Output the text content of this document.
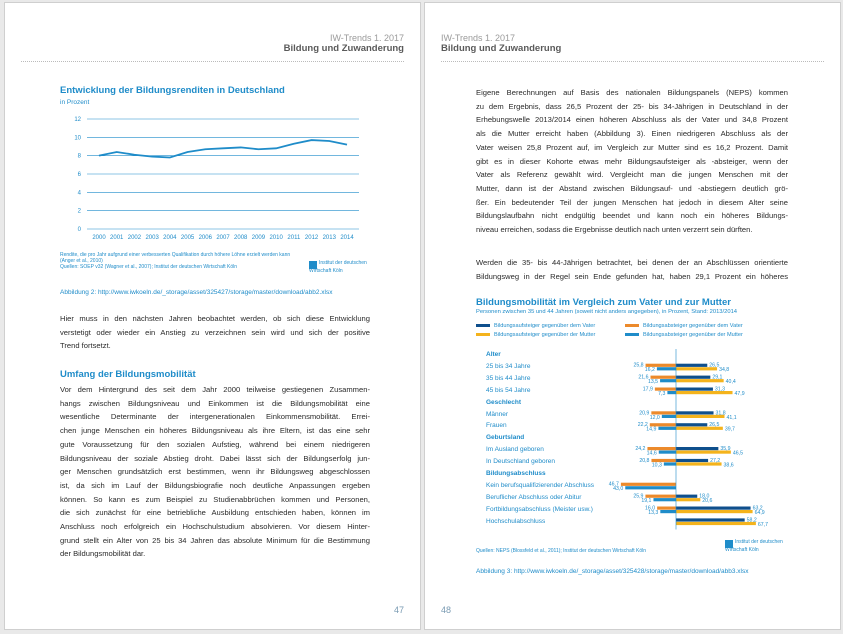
IW-Trends 1. 2017
Bildung und Zuwanderung
Entwicklung der Bildungsrenditen in Deutschland
in Prozent
0
2
4
6
8
10
12
2000 2001 2002 2003 2004 2005 2006 2007 2008 2009 2010 2011 2012 2013 2014
Rendite, die pro Jahr aufgrund einer verbesserten Qualifikation durch höhere Löhne erzielt werden kann
(Anger et al., 2010)
Quellen: SOEP v32 (Wagner et al., 2007); Institut der deutschen Wirtschaft Köln
Institut der deutschen Wirtschaft Köln
Abbildung 2: http://www.iwkoeln.de/_storage/asset/325427/storage/master/download/abb2.xlsx
Hier muss in den nächsten Jahren beobachtet werden, ob sich diese Entwicklung
verstetigt oder wieder ein Anstieg zu verzeichnen sein wird und sich der positive
Trend fortsetzt.
Umfang der Bildungsmobilität
Vor dem Hintergrund des seit dem Jahr 2000 teilweise gestiegenen Zusammen-
hangs zwischen Bildungsniveau und Einkommen ist die Bildungsmobilität eine
wesentliche Determinante der intergenerationalen Einkommensmobilität. Errei-
chen junge Menschen ein höheres Bildungsniveau als ihre Eltern, ist das eine sehr
gute Voraussetzung für den sozialen Aufstieg, während bei einem niedrigeren
Bildungsniveau der soziale Abstieg droht. Dabei lässt sich der Bildungserfolg jun-
ger Menschen grundsätzlich erst bestimmen, wenn ihr Bildungsweg abgeschlossen
ist, da sich im Lauf der Bildungsbiografie noch deutliche Anpassungen ergeben
können. So kann es zum Beispiel zu Studienabbrüchen kommen und Personen,
die sich zunächst für eine betriebliche Ausbildung entschieden haben, können im
Anschluss noch erfolgreich ein Hochschulstudium absolvieren. Vor diesem Hinter-
grund stellt ein Alter von 25 bis 34 Jahren das absolute Minimum für die Bestimmung
der Bildungsmobilität dar.
47
IW-Trends 1. 2017
Bildung und Zuwanderung
Eigene Berechnungen auf Basis des nationalen Bildungspanels (NEPS) kommen
zu dem Ergebnis, dass 26,5 Prozent der 25- bis 34-Jährigen in Deutschland in der
Erhebungswelle 2013/2014 einen höheren Abschluss als der Vater und 34,8 Prozent
als die Mutter erreicht haben (Abbildung 3). Einen niedrigeren Abschluss als der
Vater weisen 25,8 Prozent auf, im Vergleich zur Mutter sind es 16,2 Prozent. Damit
gibt es in dieser Kohorte etwas mehr Bildungsaufsteiger als -absteiger, wenn der
Vater als Referenz gewählt wird. Vergleicht man die jungen Menschen mit der
Mutter, dann ist der Abstand zwischen Bildungsauf- und -abstiegern deutlich grö-
ßer. Ein bedeutender Teil der jungen Menschen hat jedoch in diesem Alter seine
Bildungslaufbahn nicht endgültig beendet und kann noch ein höheres Bildungs-
niveau erreichen, sodass die Ergebnisse deutlich nach unten verzerrt sein dürften.
Werden die 35- bis 44-Jährigen betrachtet, bei denen der an Abschlüssen orientierte
Bildungsweg in der Regel sein Ende gefunden hat, haben 29,1 Prozent ein höheres
Bildungsmobilität im Vergleich zum Vater und zur Mutter
Personen zwischen 35 und 44 Jahren (soweit nicht anders angegeben), in Prozent, Stand: 2013/2014
Bildungsaufsteiger gegenüber dem Vater
Bildungsaufsteiger gegenüber der Mutter
Bildungsabsteiger gegenüber dem Vater
Bildungsabsteiger gegenüber der Mutter
Alter
25 bis 34 Jahre
35 bis 44 Jahre
45 bis 54 Jahre
Geschlecht
Männer
Frauen
Geburtsland
Im Ausland geboren
In Deutschland geboren
Bildungsabschluss
Kein berufsqualifizierender Abschluss
Beruflicher Abschluss oder Abitur
Fortbildungsabschluss (Meister usw.)
Hochschulabschluss
25,8
16,2
26,5
34,8
21,6
13,5
29,1
40,4
17,9
7,3
31,3
47,9
20,9
12,0
31,8
41,1
22,2
14,9
26,5
39,7
24,2
14,6
35,9
46,5
20,8
10,3
27,2
38,6
46,7
43,0
25,9
19,1
18,0
20,6
16,0
13,3
63,2
64,9
58,2
67,7
Quellen: NEPS (Blossfeld et al., 2011); Institut der deutschen Wirtschaft Köln
Institut der deutschen Wirtschaft Köln
Abbildung 3: http://www.iwkoeln.de/_storage/asset/325428/storage/master/download/abb3.xlsx
48
